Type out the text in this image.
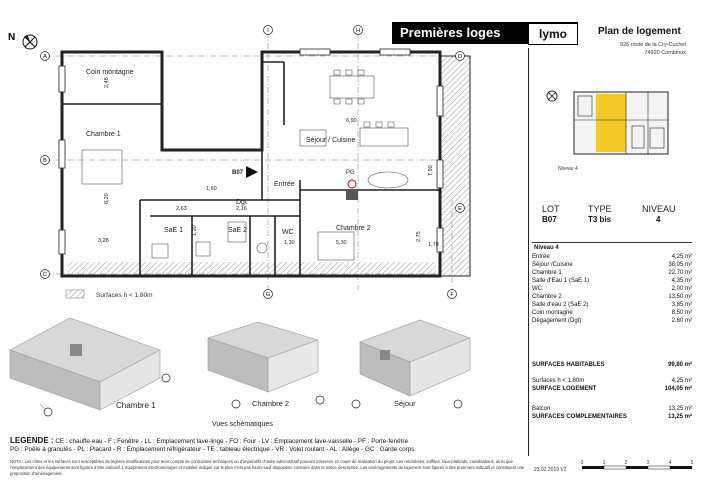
Premières loges	lymo	Plan de logement
926 route de la Cry-Cuchet
74920 Combloux
N
Coin montagne
Chambre 1
Séjour / Cuisine
Entrée
Dgt
SaE 1	SaE 2	WC
Chambre 2
B07	PG
2,48
6,20
3,28
2,63	2,16
1,30	5,30
2,75
1,78
6,90
7,90
1,20
1,60
A
B
C
D
E
F
I	H
G
Surfaces h < 1,80m
Chambre 1	Chambre 2	Séjour
Vues schématiques
LEGENDE : CE : chauffe-eau - F : Fenêtre - LL : Emplacement lave-linge - FO : Four - LV : Emplacement lave-vaisselle - PF : Porte-fenêtre
PG : Poêle à granulés - PL : Placard - R : Emplacement réfrigérateur - TE : tableau électrique - VR : Volet roulant - AL : Allège - GC : Garde corps
NOTA : Les côtes et les surfaces sont susceptibles de légères modifications pour tenir compte de contraintes techniques ou d'impératifs d'ordre administratif pouvant intervenir en cours de réalisation du projet. Les retombées, soffites, faux-plafonds, canalisations, ainsi que l'emplacement des équipements sont figurés à titre indicatif. L'équipement électroménager et mobilier indiqué sur le plan n'est pas fourni sauf disposition contraire dans la notice descriptive. Les aménagements du logement sont figurés à titre purement indicatif et constituent une proposition d'aménagement.
Niveau 4
LOT	TYPE	NIVEAU
B07	T3 bis	4
Niveau 4
Entrée	4,25 m²
Séjour /Cuisine	38,05 m²
Chambre 1	22,70 m²
Salle d'Eau 1 (SaE 1)	4,35 m²
WC	2,00 m²
Chambre 2	13,50 m²
Salle d'eau 2 (SaE 2)	3,85 m²
Coin montagne	8,50 m²
Dégagement (Dgt)	2,60 m²
SURFACES HABITABLES	99,80 m²
Surfaces h < 1,80m	4,25 m²
SURFACE LOGEMENT	104,05 m²
Balcon	13,25 m²
SURFACES COMPLEMENTAIRES	13,25 m²
23.02.2019 V2
0	1	2	3	4	5
